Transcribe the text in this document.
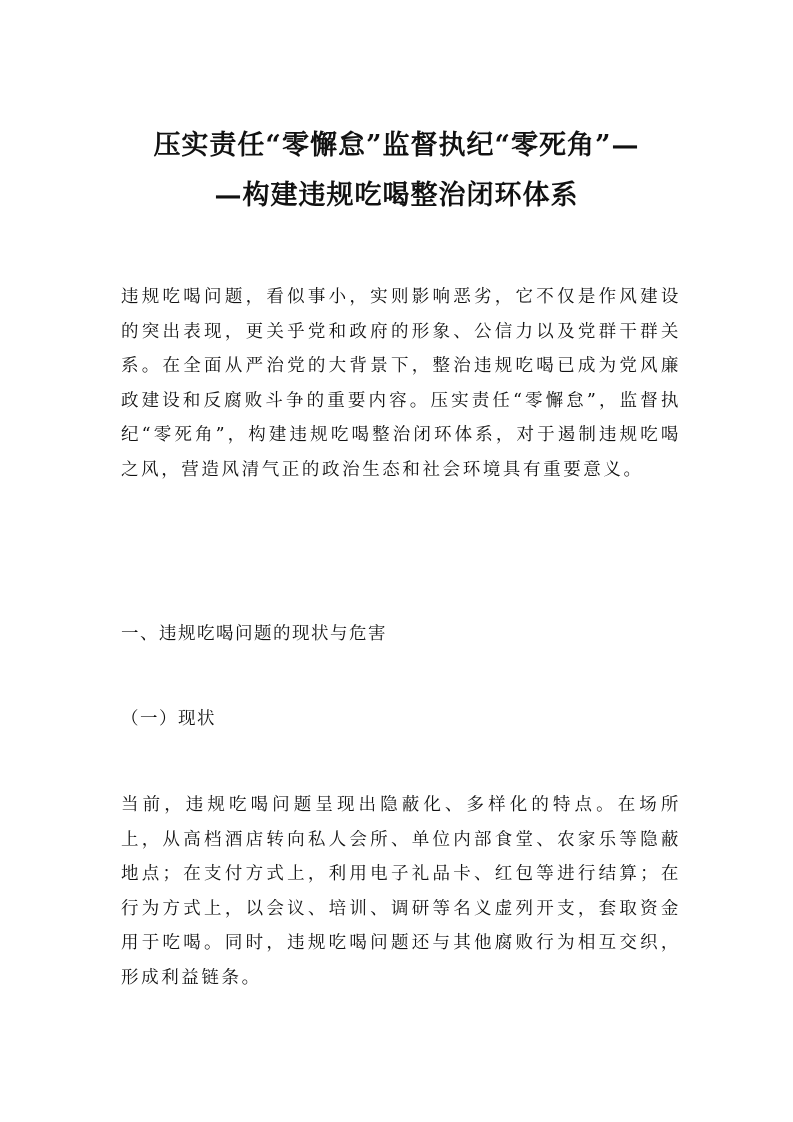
压实责任“零懈怠”监督执纪“零死角”—
—构建违规吃喝整治闭环体系

违规吃喝问题，看似事小，实则影响恶劣，它不仅是作风建设的突出表现，更关乎党和政府的形象、公信力以及党群干群关系。在全面从严治党的大背景下，整治违规吃喝已成为党风廉政建设和反腐败斗争的重要内容。压实责任“零懈怠”，监督执纪“零死角”，构建违规吃喝整治闭环体系，对于遏制违规吃喝之风，营造风清气正的政治生态和社会环境具有重要意义。

一、违规吃喝问题的现状与危害
（一）现状

当前，违规吃喝问题呈现出隐蔽化、多样化的特点。在场所上，从高档酒店转向私人会所、单位内部食堂、农家乐等隐蔽地点；在支付方式上，利用电子礼品卡、红包等进行结算；在行为方式上，以会议、培训、调研等名义虚列开支，套取资金用于吃喝。同时，违规吃喝问题还与其他腐败行为相互交织，形成利益链条。
